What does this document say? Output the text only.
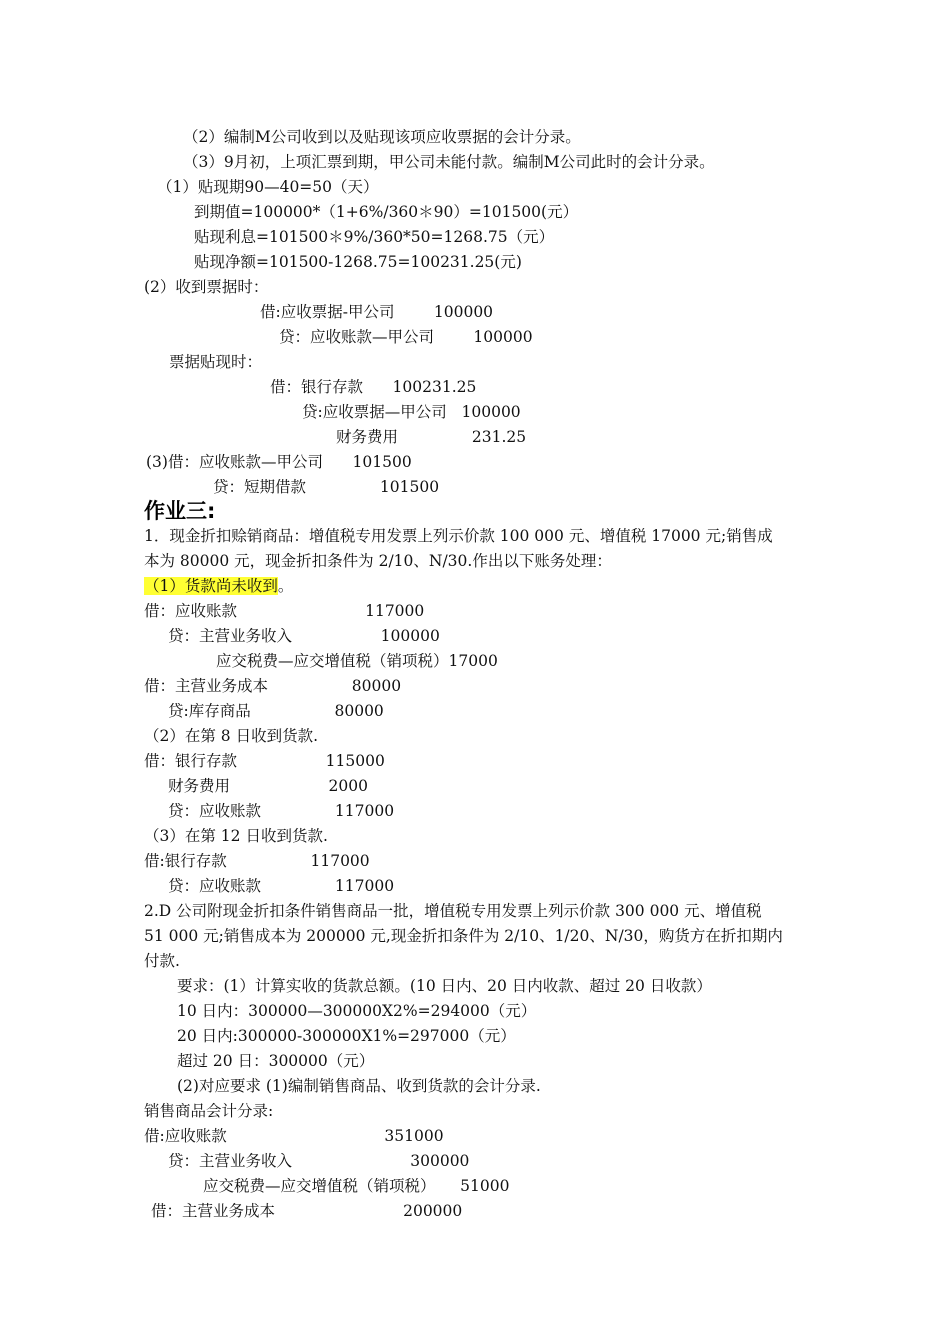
（2）编制M公司收到以及贴现该项应收票据的会计分录。
（3）9月初，上项汇票到期，甲公司未能付款。编制M公司此时的会计分录。
（1）贴现期90—40=50（天）
到期值=100000*（1+6%/360＊90）=101500(元）
贴现利息=101500＊9%/360*50=1268.75（元）
贴现净额=101500-1268.75=100231.25(元)
(2）收到票据时：
借:应收票据-甲公司        100000
贷：应收账款—甲公司        100000
票据贴现时：
借：银行存款      100231.25
贷:应收票据—甲公司   100000
财务费用               231.25
(3)借：应收账款—甲公司      101500
贷：短期借款               101500
作业三:
1．现金折扣赊销商品：增值税专用发票上列示价款 100 000 元、增值税 17000 元;销售成
本为 80000 元，现金折扣条件为 2/10、N/30.作出以下账务处理：
（1）货款尚未收到。
借：应收账款                          117000
贷：主营业务收入                  100000
应交税费—应交增值税（销项税）17000
借：主营业务成本                 80000
贷:库存商品                 80000
（2）在第 8 日收到货款.
借：银行存款                  115000
财务费用                    2000
贷：应收账款               117000
（3）在第 12 日收到货款.
借:银行存款                 117000
贷：应收账款               117000
2.D 公司附现金折扣条件销售商品一批，增值税专用发票上列示价款 300 000 元、增值税
51 000 元;销售成本为 200000 元,现金折扣条件为 2/10、1/20、N/30，购货方在折扣期内
付款.
要求：(1）计算实收的货款总额。(10 日内、20 日内收款、超过 20 日收款）
10 日内：300000—300000X2%=294000（元）
20 日内:300000-300000X1%=297000（元）
超过 20 日：300000（元）
(2)对应要求 (1)编制销售商品、收到货款的会计分录.
销售商品会计分录:
借:应收账款                                351000
贷：主营业务收入                        300000
应交税费—应交增值税（销项税）     51000
借：主营业务成本                          200000
